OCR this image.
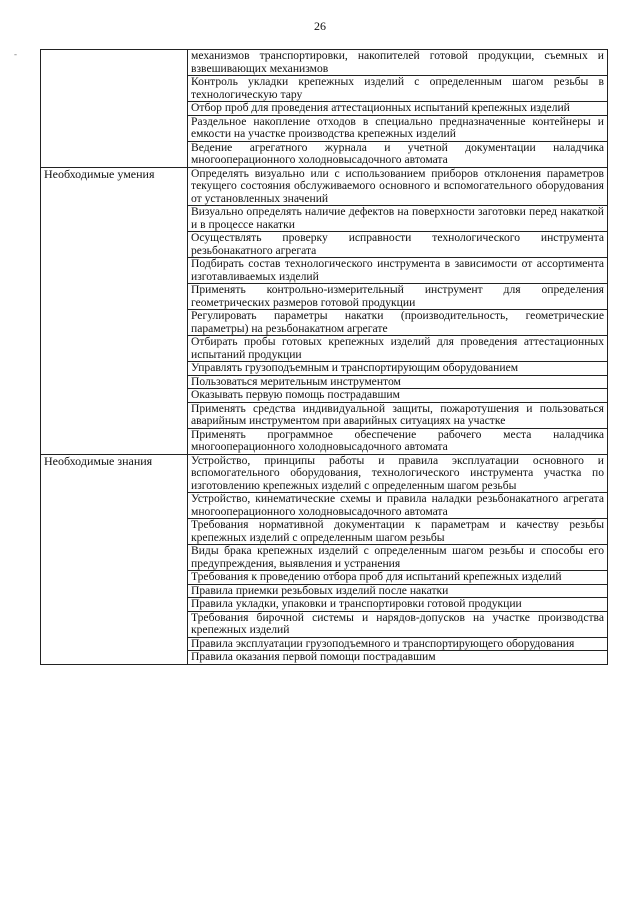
26
-
		механизмов транспортировки, накопителей готовой продукции, съемных и взвешивающих механизмов
	Контроль укладки крепежных изделий с определенным шагом резьбы в технологическую тару
	Отбор проб для проведения аттестационных испытаний крепежных изделий
	Раздельное накопление отходов в специально предназначенные контейнеры и емкости на участке производства крепежных изделий
	Ведение агрегатного журнала и учетной документации наладчика многооперационного холодновысадочного автомата
Необходимые умения	Определять визуально или с использованием приборов отклонения параметров текущего состояния обслуживаемого основного и вспомогательного оборудования от установленных значений
	Визуально определять наличие дефектов на поверхности заготовки перед накаткой и в процессе накатки
	Осуществлять проверку исправности технологического инструмента резьбонакатного агрегата
	Подбирать состав технологического инструмента в зависимости от ассортимента изготавливаемых изделий
	Применять контрольно-измерительный инструмент для определения геометрических размеров готовой продукции
	Регулировать параметры накатки (производительность, геометрические параметры) на резьбонакатном агрегате
	Отбирать пробы готовых крепежных изделий для проведения аттестационных испытаний продукции
	Управлять грузоподъемным и транспортирующим оборудованием
	Пользоваться мерительным инструментом
	Оказывать первую помощь пострадавшим
	Применять средства индивидуальной защиты, пожаротушения и пользоваться аварийным инструментом при аварийных ситуациях на участке
	Применять программное обеспечение рабочего места наладчика многооперационного холодновысадочного автомата
Необходимые знания	Устройство, принципы работы и правила эксплуатации основного и вспомогательного оборудования, технологического инструмента участка по изготовлению крепежных изделий с определенным шагом резьбы
	Устройство, кинематические схемы и правила наладки резьбонакатного агрегата многооперационного холодновысадочного автомата
	Требования нормативной документации к параметрам и качеству резьбы крепежных изделий с определенным шагом резьбы
	Виды брака крепежных изделий с определенным шагом резьбы и способы его предупреждения, выявления и устранения
	Требования к проведению отбора проб для испытаний крепежных изделий
	Правила приемки резьбовых изделий после накатки
	Правила укладки, упаковки и транспортировки готовой продукции
	Требования бирочной системы и нарядов-допусков на участке производства крепежных изделий
	Правила эксплуатации грузоподъемного и транспортирующего оборудования
	Правила оказания первой помощи пострадавшим
